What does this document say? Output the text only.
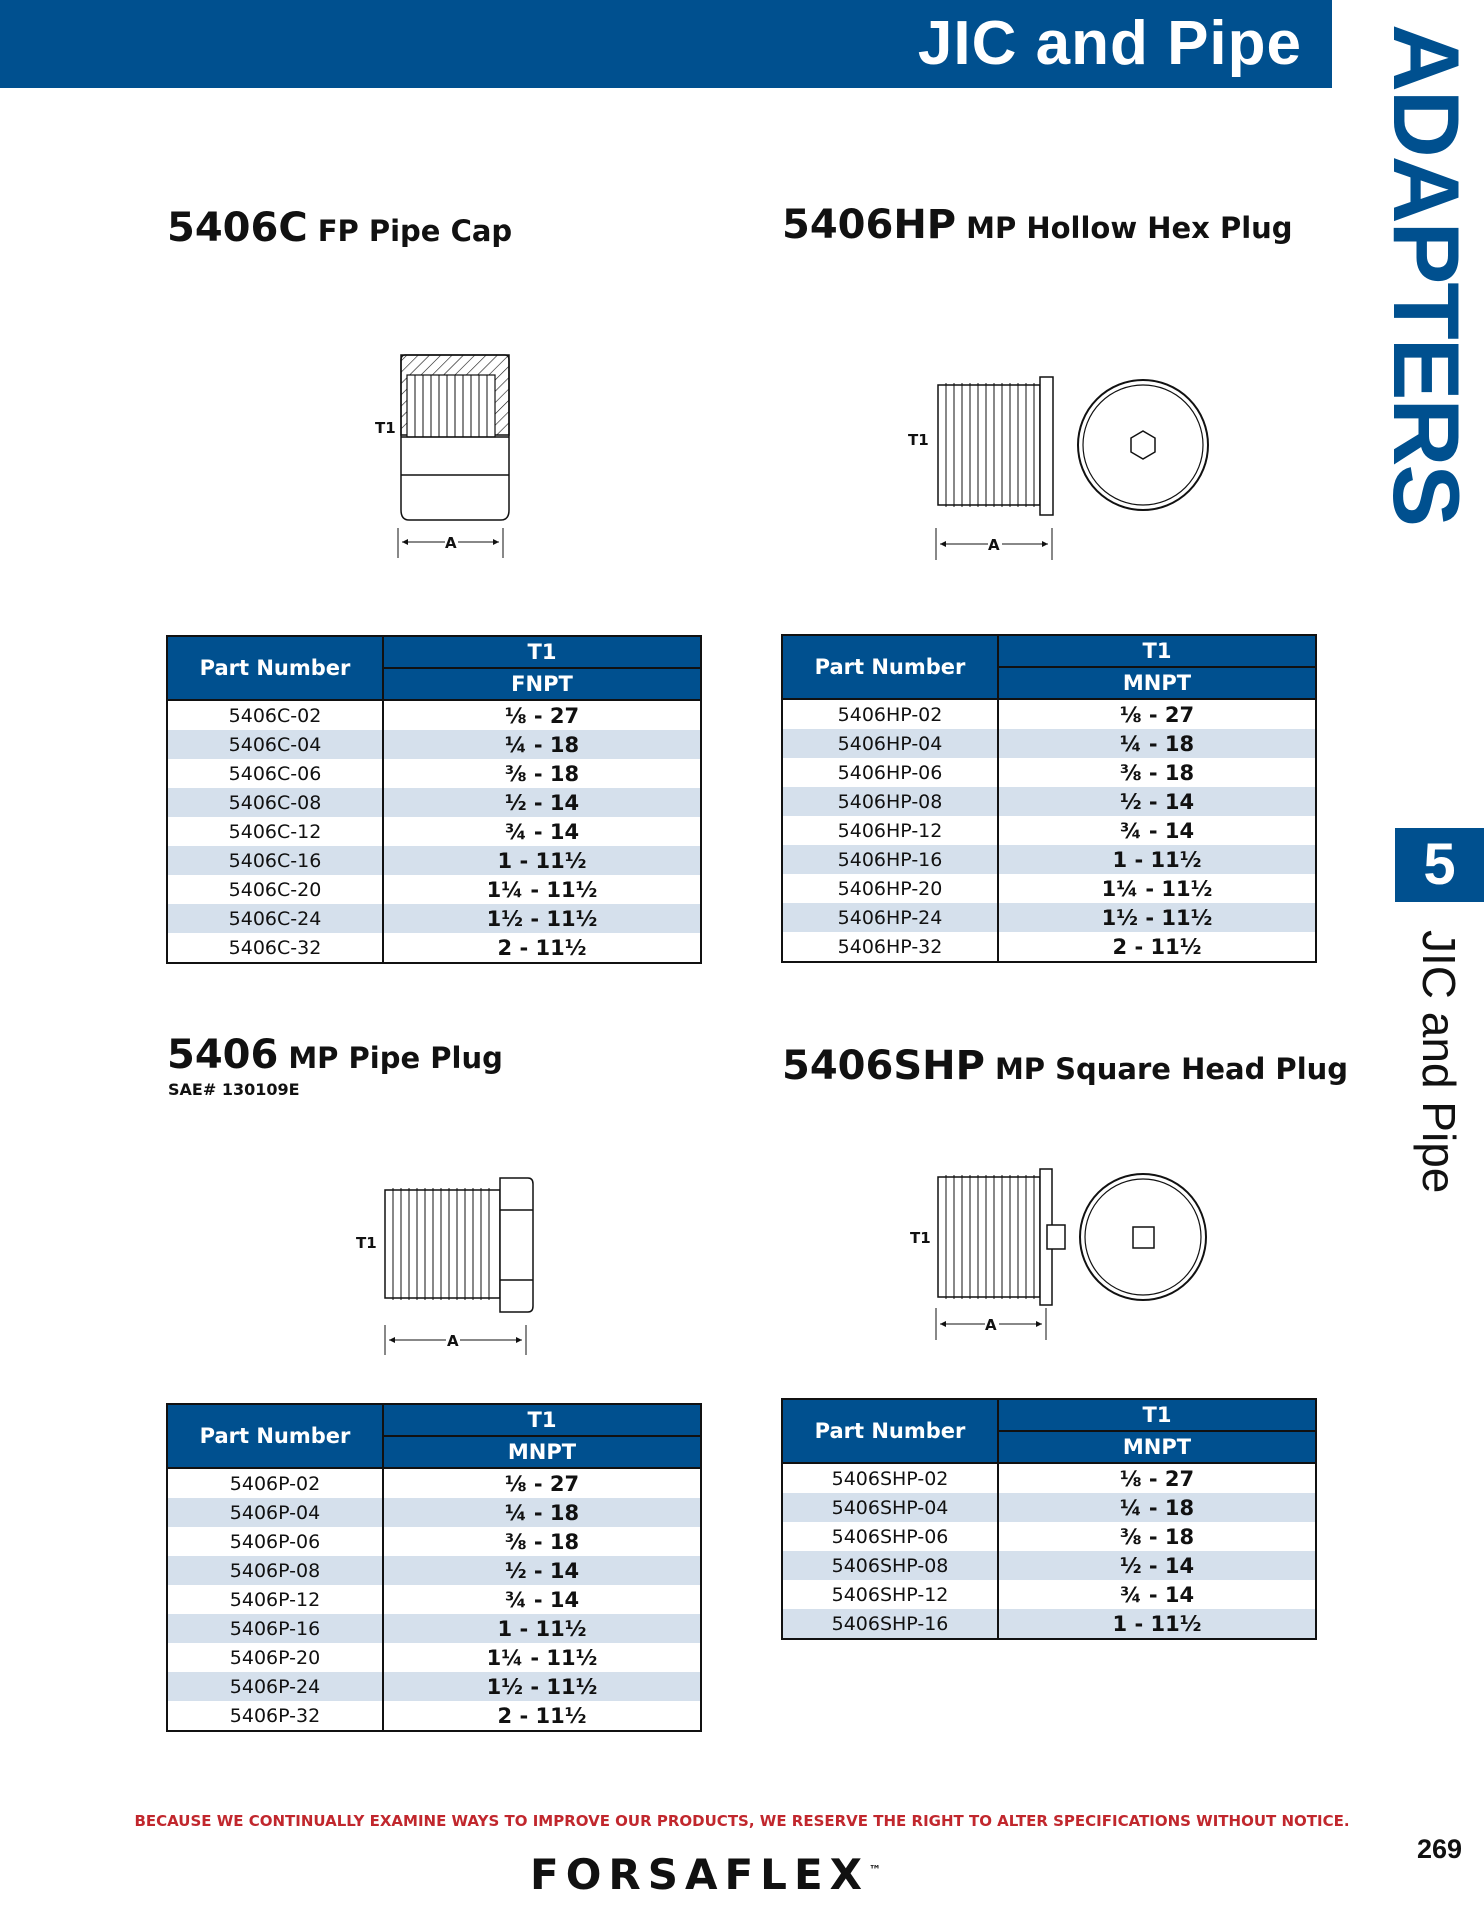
JIC and Pipe ADAPTERS
5
JIC and Pipe
5406C FP Pipe Cap
T1
A
Part Number	T1
	FNPT
5406C-02	⅛ - 27
5406C-04	¼ - 18
5406C-06	⅜ - 18
5406C-08	½ - 14
5406C-12	¾ - 14
5406C-16	1 - 11½
5406C-20	1¼ - 11½
5406C-24	1½ - 11½
5406C-32	2 - 11½
5406HP MP Hollow Hex Plug
T1
A
Part Number	T1
	MNPT
5406HP-02	⅛ - 27
5406HP-04	¼ - 18
5406HP-06	⅜ - 18
5406HP-08	½ - 14
5406HP-12	¾ - 14
5406HP-16	1 - 11½
5406HP-20	1¼ - 11½
5406HP-24	1½ - 11½
5406HP-32	2 - 11½
5406 MP Pipe Plug
SAE# 130109E
T1
A
Part Number	T1
	MNPT
5406P-02	⅛ - 27
5406P-04	¼ - 18
5406P-06	⅜ - 18
5406P-08	½ - 14
5406P-12	¾ - 14
5406P-16	1 - 11½
5406P-20	1¼ - 11½
5406P-24	1½ - 11½
5406P-32	2 - 11½
5406SHP MP Square Head Plug
T1
A
Part Number	T1
	MNPT
5406SHP-02	⅛ - 27
5406SHP-04	¼ - 18
5406SHP-06	⅜ - 18
5406SHP-08	½ - 14
5406SHP-12	¾ - 14
5406SHP-16	1 - 11½
BECAUSE WE CONTINUALLY EXAMINE WAYS TO IMPROVE OUR PRODUCTS, WE RESERVE THE RIGHT TO ALTER SPECIFICATIONS WITHOUT NOTICE.
FORSAFLEX™
269
